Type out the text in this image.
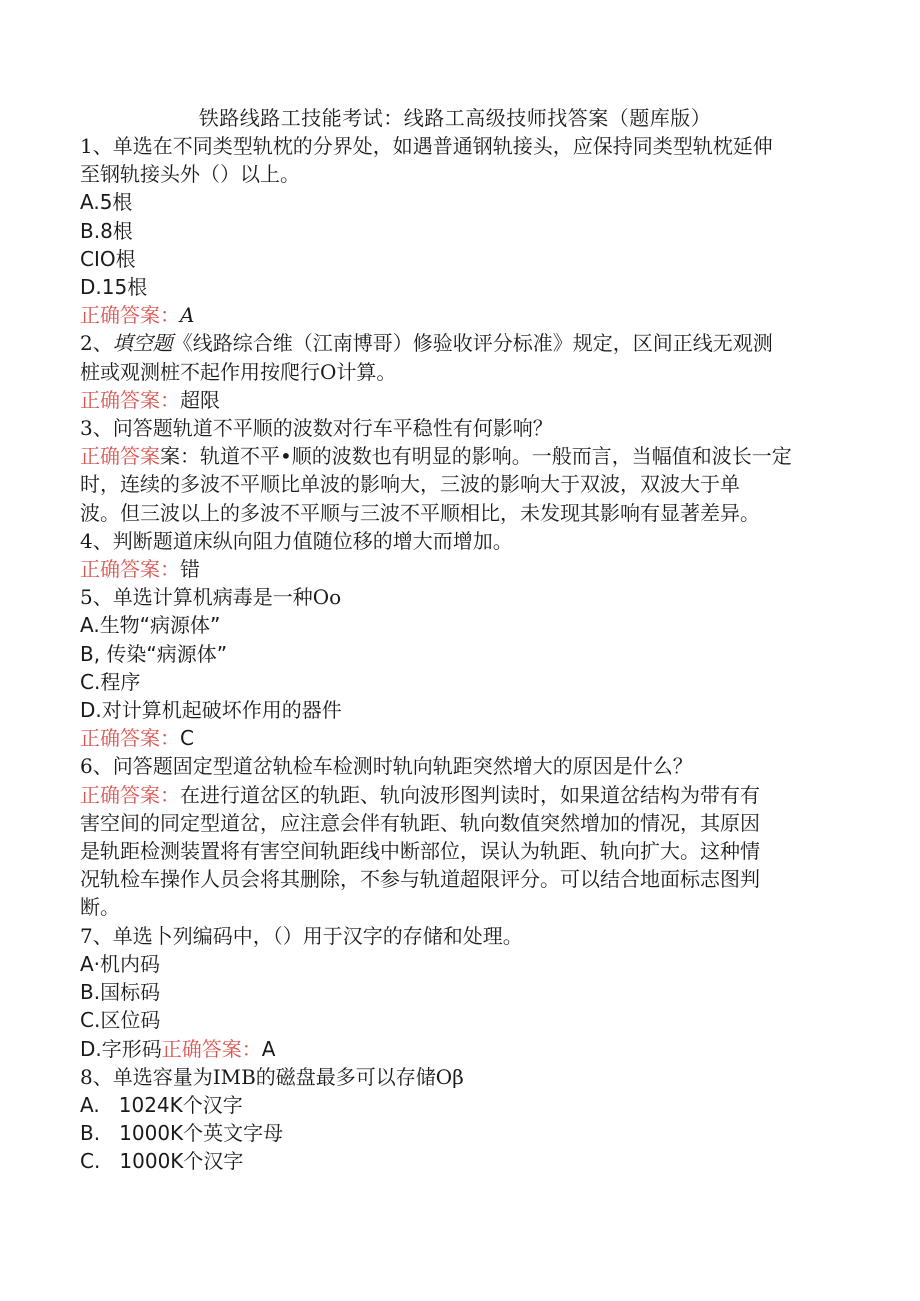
铁路线路工技能考试：线路工高级技师找答案（题库版）
1、单选在不同类型轨枕的分界处，如遇普通钢轨接头，应保持同类型轨枕延伸
至钢轨接头外（）以上。
A.5根
B.8根
CIO根
D.15根
正确答案：A
2、填空题《线路综合维（江南博哥）修验收评分标准》规定，区间正线无观测
桩或观测桩不起作用按爬行O计算。
正确答案：超限
3、问答题轨道不平顺的波数对行车平稳性有何影响？
正确答案案：轨道不平•顺的波数也有明显的影响。一般而言，当幅值和波长一定
时，连续的多波不平顺比单波的影响大，三波的影响大于双波，双波大于单
波。但三波以上的多波不平顺与三波不平顺相比，未发现其影响有显著差异。
4、判断题道床纵向阻力值随位移的增大而增加。
正确答案：错
5、单选计算机病毒是一种Oo
A.生物“病源体”
B, 传染“病源体”
C.程序
D.对计算机起破坏作用的器件
正确答案：C
6、问答题固定型道岔轨检车检测时轨向轨距突然增大的原因是什么？
正确答案：在进行道岔区的轨距、轨向波形图判读时，如果道岔结构为带有有
害空间的同定型道岔，应注意会伴有轨距、轨向数值突然增加的情况，其原因
是轨距检测装置将有害空间轨距线中断部位，误认为轨距、轨向扩大。这种情
况轨检车操作人员会将其删除，不参与轨道超限评分。可以结合地面标志图判
断。
7、单选卜列编码中，（）用于汉字的存储和处理。
A·机内码
B.国标码
C.区位码
D.字形码正确答案：A
8、单选容量为IMB的磁盘最多可以存储Oβ
A.   1024K个汉字
B.   1000K个英文字母
C.   1000K个汉字
